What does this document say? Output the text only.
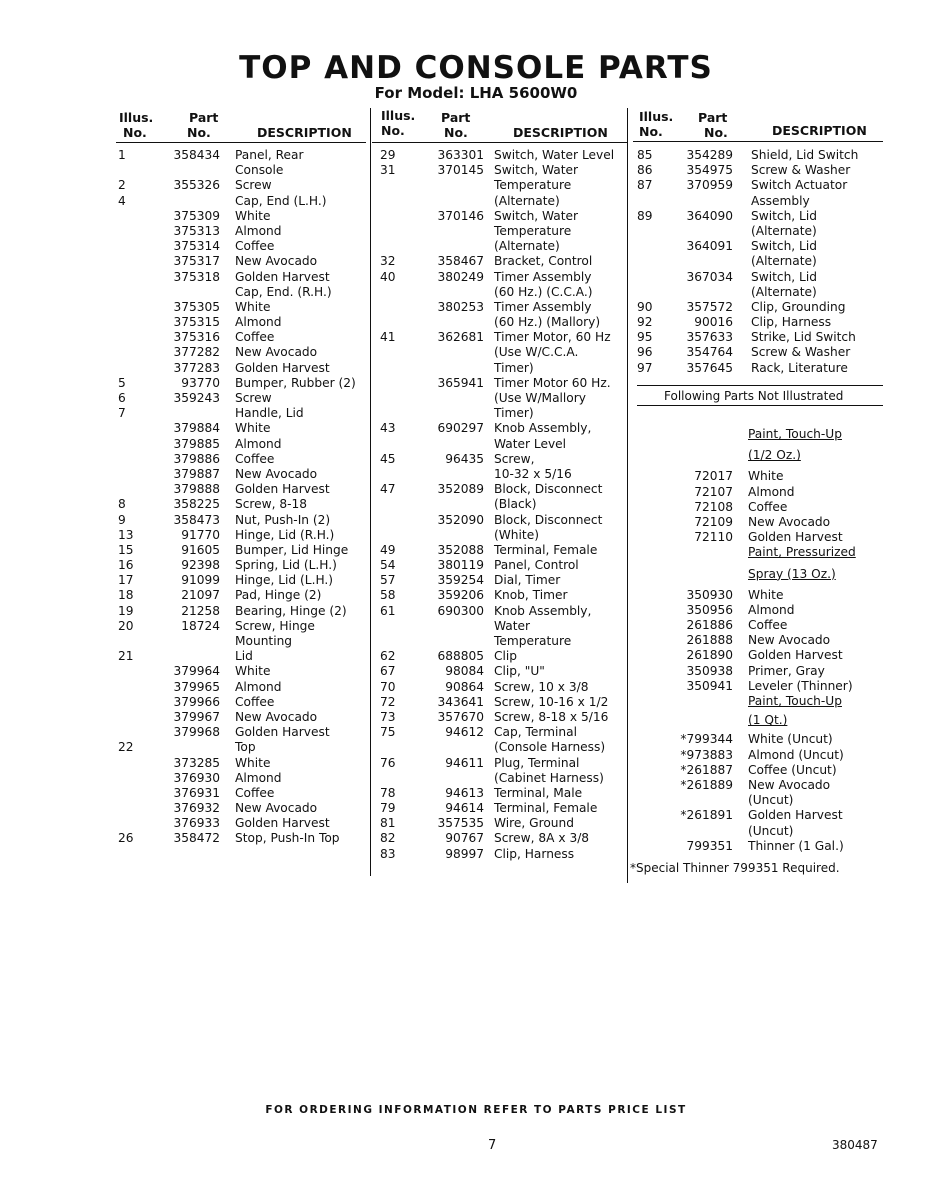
TOP AND CONSOLE PARTS
For Model: LHA 5600W0
Illus.
No.
Part
No.	DESCRIPTION
Illus.
No.
Part
No.	DESCRIPTION
Illus.
No.
Part
No.	DESCRIPTION
1	358434 Panel, Rear
Console
2	355326 Screw
4	Cap, End (L.H.)
375309 White
375313 Almond
375314 Coffee
375317 New Avocado
375318 Golden Harvest
Cap, End. (R.H.)
375305 White
375315 Almond
375316 Coffee
377282 New Avocado
377283 Golden Harvest
5	93770 Bumper, Rubber (2)
6	359243 Screw
7	Handle, Lid
379884 White
379885 Almond
379886 Coffee
379887 New Avocado
379888 Golden Harvest
8	358225 Screw, 8-18
9	358473 Nut, Push-In (2)
13	91770 Hinge, Lid (R.H.)
15	91605 Bumper, Lid Hinge
16	92398 Spring, Lid (L.H.)
17	91099 Hinge, Lid (L.H.)
18	21097 Pad, Hinge (2)
19	21258 Bearing, Hinge (2)
20	18724 Screw, Hinge
Mounting
21	Lid
379964 White
379965 Almond
379966 Coffee
379967 New Avocado
379968 Golden Harvest
22	Top
373285 White
376930 Almond
376931 Coffee
376932 New Avocado
376933 Golden Harvest
26	358472 Stop, Push-In Top
29	363301 Switch, Water Level
31	370145 Switch, Water
Temperature
(Alternate)
370146 Switch, Water
Temperature
(Alternate)
32	358467 Bracket, Control
40	380249 Timer Assembly
(60 Hz.) (C.C.A.)
380253 Timer Assembly
(60 Hz.) (Mallory)
41	362681 Timer Motor, 60 Hz
(Use W/C.C.A.
Timer)
365941 Timer Motor 60 Hz.
(Use W/Mallory
Timer)
43	690297 Knob Assembly,
Water Level
45	96435 Screw,
10-32 x 5/16
47	352089 Block, Disconnect
(Black)
352090 Block, Disconnect
(White)
49	352088 Terminal, Female
54	380119 Panel, Control
57	359254 Dial, Timer
58	359206 Knob, Timer
61	690300 Knob Assembly,
Water
Temperature
62	688805 Clip
67	98084 Clip, "U"
70	90864 Screw, 10 x 3/8
72	343641 Screw, 10-16 x 1/2
73	357670 Screw, 8-18 x 5/16
75	94612 Cap, Terminal
(Console Harness)
76	94611 Plug, Terminal
(Cabinet Harness)
78	94613 Terminal, Male
79	94614 Terminal, Female
81	357535 Wire, Ground
82	90767 Screw, 8A x 3/8
83	98997 Clip, Harness
85	354289 Shield, Lid Switch
86	354975 Screw & Washer
87	370959 Switch Actuator
Assembly
89	364090 Switch, Lid
(Alternate)
364091 Switch, Lid
(Alternate)
367034 Switch, Lid
(Alternate)
90	357572 Clip, Grounding
92	90016 Clip, Harness
95	357633 Strike, Lid Switch
96	354764 Screw & Washer
97	357645 Rack, Literature
Following Parts Not Illustrated
Paint, Touch-Up
(1/2 Oz.)
72017 White
72107 Almond
72108 Coffee
72109 New Avocado
72110 Golden Harvest
Paint, Pressurized
Spray (13 Oz.)
350930 White
350956 Almond
261886 Coffee
261888 New Avocado
261890 Golden Harvest
350938 Primer, Gray
350941 Leveler (Thinner)
Paint, Touch-Up
(1 Qt.)
*799344 White (Uncut)
*973883 Almond (Uncut)
*261887 Coffee (Uncut)
*261889 New Avocado
(Uncut)
*261891 Golden Harvest
(Uncut)
799351 Thinner (1 Gal.)
*Special Thinner 799351 Required.
FOR ORDERING INFORMATION REFER TO PARTS PRICE LIST
7	380487
